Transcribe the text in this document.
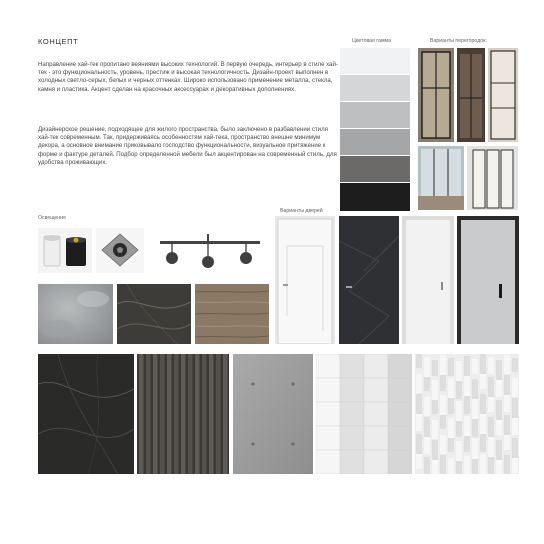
КОНЦЕПТ

Направление хай-тек пропитано веяниями высоких технологий. В первую очередь, интерьер в стиле хай-тек - это функциональность, уровень, престиж и высокая технологичность. Дизайн-проект выполнен в холодных светло-серых, белых и черных оттенках. Широко использовано применение металла, стекла, камня и пластика. Акцент сделан на красочных аксессуарах и декоративных дополнениях.

Дизайнерское решение, подходящее для жилого пространства, было заключено в разбавлении стиля хай-тек современным. Так, придерживаясь особенностям хай-тека, пространство внешне минимум декора, а основное внимание приковывало господство функциональности, визуальное притяжение к форме и фактуре деталей. Подбор определенной мебели был акцентирован на современный стиль, для удобства проживающих.

Цветовая гамма	Варианты перегородок:
Освещение
Варианты дверей
